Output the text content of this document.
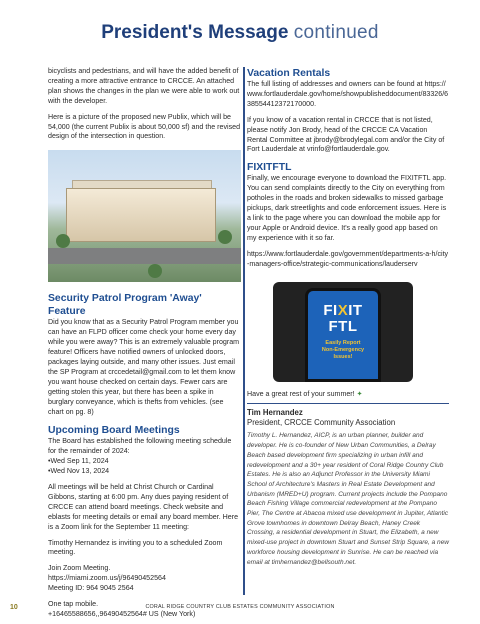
President's Message continued

bicyclists and pedestrians, and will have the added benefit of creating a more attractive entrance to CRCCE. An attached plan shows the changes in the plan we were able to work out with the developer.

Here is a picture of the proposed new Publix, which will be 54,000 (the current Publix is about 50,000 sf) and the revised design of the intersection in question.

Security Patrol Program 'Away' Feature

Did you know that as a Security Patrol Program member you can have an FLPD officer come check your home every day while you were away? This is an extremely valuable program feature! Officers have notified owners of unlocked doors, packages laying outside, and many other issues. Just email the SP Program at crccedetail@gmail.com to let them know you want house checked on certain days. Fewer cars are getting stolen this year, but there has been a spike in burglary conveyance, which is thefts from vehicles. (see chart on pg. 8)

Upcoming Board Meetings

The Board has established the following meeting schedule for the remainder of 2024:

• Wed Sep 11, 2024
• Wed Nov 13, 2024

All meetings will be held at Christ Church or Cardinal Gibbons, starting at 6:00 pm. Any dues paying resident of CRCCE can attend board meetings. Check website and eblasts for meeting details or email any board member. Here is a Zoom link for the September 11 meeting:

Timothy Hernandez is inviting you to a scheduled Zoom meeting.

Join Zoom Meeting.

https://miami.zoom.us/j/96490452564

Meeting ID: 964 9045 2564

One tap mobile.

+16465588656,,96490452564# US (New York)

Vacation Rentals

The full listing of addresses and owners can be found at https://www.fortlauderdale.gov/home/showpublisheddocument/83326/638554412372170000.

If you know of a vacation rental in CRCCE that is not listed, please notify Jon Brody, head of the CRCCE CA Vacation Rental Committee at jbrody@brodylegal.com and/or the City of Fort Lauderdale at vrinfo@fortlauderdale.gov.

FIXITFTL

Finally, we encourage everyone to download the FIXITFTL app. You can send complaints directly to the City on everything from potholes in the roads and broken sidewalks to missed garbage pickups, dark streetlights and code enforcement issues. Here is a link to the page where you can download the mobile app for your Apple or Android device. It's a really good app based on my experience with it so far.

https://www.fortlauderdale.gov/government/departments-a-h/city-managers-office/strategic-communications/lauderserv

FIXIT
FTL
Easily Report
Non-Emergency
Issues!

Have a great rest of your summer! ✦

Tim Hernandez
President, CRCCE Community Association

Timothy L. Hernandez, AICP, is an urban planner, builder and developer. He is co-founder of New Urban Communities, a Delray Beach based development firm specializing in urban infill and redevelopment and a 30+ year resident of Coral Ridge Country Club Estates. He is also an Adjunct Professor in the University Miami School of Architecture's Masters in Real Estate Development and Urbanism (MRED+U) program. Current projects include the Pompano Beach Fishing Village commercial redevelopment at the Pompano Pier, The Centre at Abacoa mixed use development in Jupiter, Atlantic Grove townhomes in downtown Delray Beach, Haney Creek Crossing, a residential development in Stuart, the Elizabeth, a new mixed-use project in downtown Stuart and Sunset Strip Square, a new workforce housing development in Sunrise. He can be reached via email at timhernandez@bellsouth.net.

10	CORAL RIDGE COUNTRY CLUB ESTATES COMMUNITY ASSOCIATION
